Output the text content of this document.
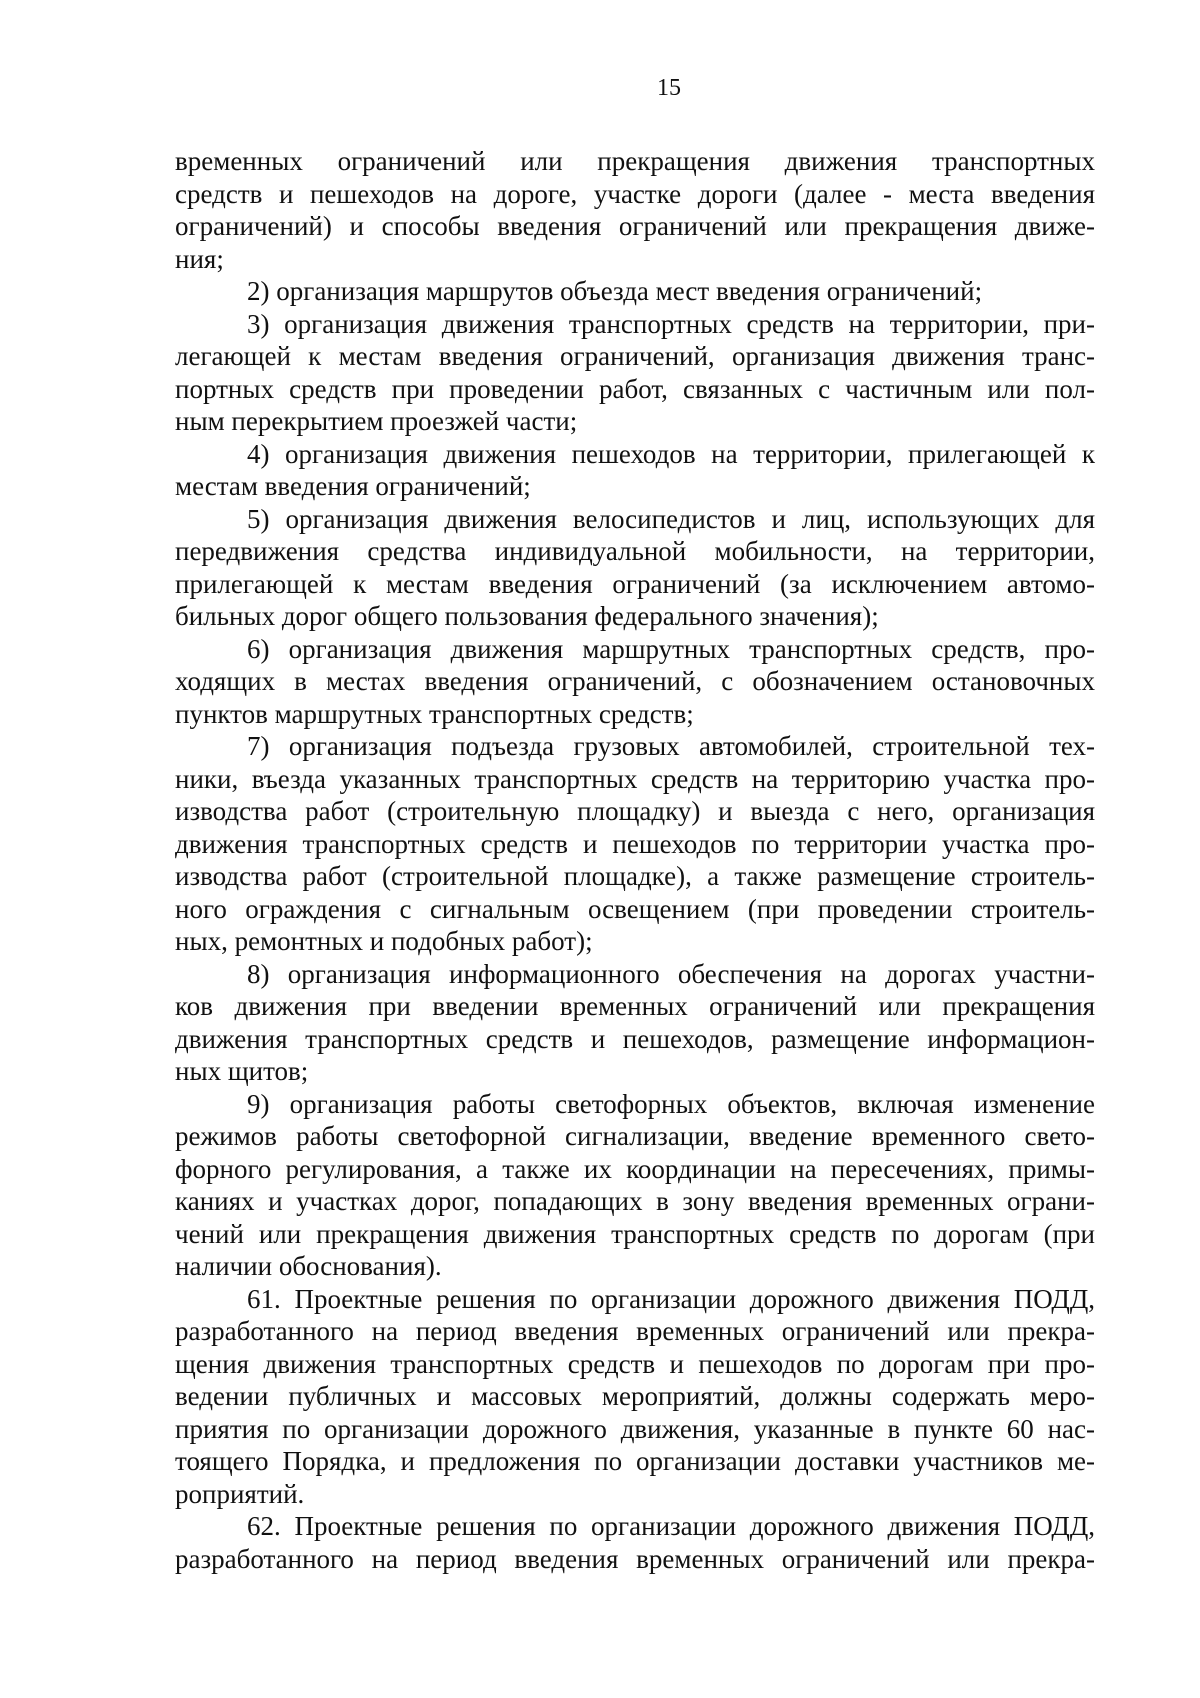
15
временных ограничений или прекращения движения транспортных
средств и пешеходов на дороге, участке дороги (далее - места введения
ограничений) и способы введения ограничений или прекращения движе-
ния;
2) организация маршрутов объезда мест введения ограничений;
3) организация движения транспортных средств на территории, при-
легающей к местам введения ограничений, организация движения транс-
портных средств при проведении работ, связанных с частичным или пол-
ным перекрытием проезжей части;
4) организация движения пешеходов на территории, прилегающей к
местам введения ограничений;
5) организация движения велосипедистов и лиц, использующих для
передвижения средства индивидуальной мобильности, на территории,
прилегающей к местам введения ограничений (за исключением автомо-
бильных дорог общего пользования федерального значения);
6) организация движения маршрутных транспортных средств, про-
ходящих в местах введения ограничений, с обозначением остановочных
пунктов маршрутных транспортных средств;
7) организация подъезда грузовых автомобилей, строительной тех-
ники, въезда указанных транспортных средств на территорию участка про-
изводства работ (строительную площадку) и выезда с него, организация
движения транспортных средств и пешеходов по территории участка про-
изводства работ (строительной площадке), а также размещение строитель-
ного ограждения с сигнальным освещением (при проведении строитель-
ных, ремонтных и подобных работ);
8) организация информационного обеспечения на дорогах участни-
ков движения при введении временных ограничений или прекращения
движения транспортных средств и пешеходов, размещение информацион-
ных щитов;
9) организация работы светофорных объектов, включая изменение
режимов работы светофорной сигнализации, введение временного свето-
форного регулирования, а также их координации на пересечениях, примы-
каниях и участках дорог, попадающих в зону введения временных ограни-
чений или прекращения движения транспортных средств по дорогам (при
наличии обоснования).
61. Проектные решения по организации дорожного движения ПОДД,
разработанного на период введения временных ограничений или прекра-
щения движения транспортных средств и пешеходов по дорогам при про-
ведении публичных и массовых мероприятий, должны содержать меро-
приятия по организации дорожного движения, указанные в пункте 60 нас-
тоящего Порядка, и предложения по организации доставки участников ме-
роприятий.
62. Проектные решения по организации дорожного движения ПОДД,
разработанного на период введения временных ограничений или прекра-
